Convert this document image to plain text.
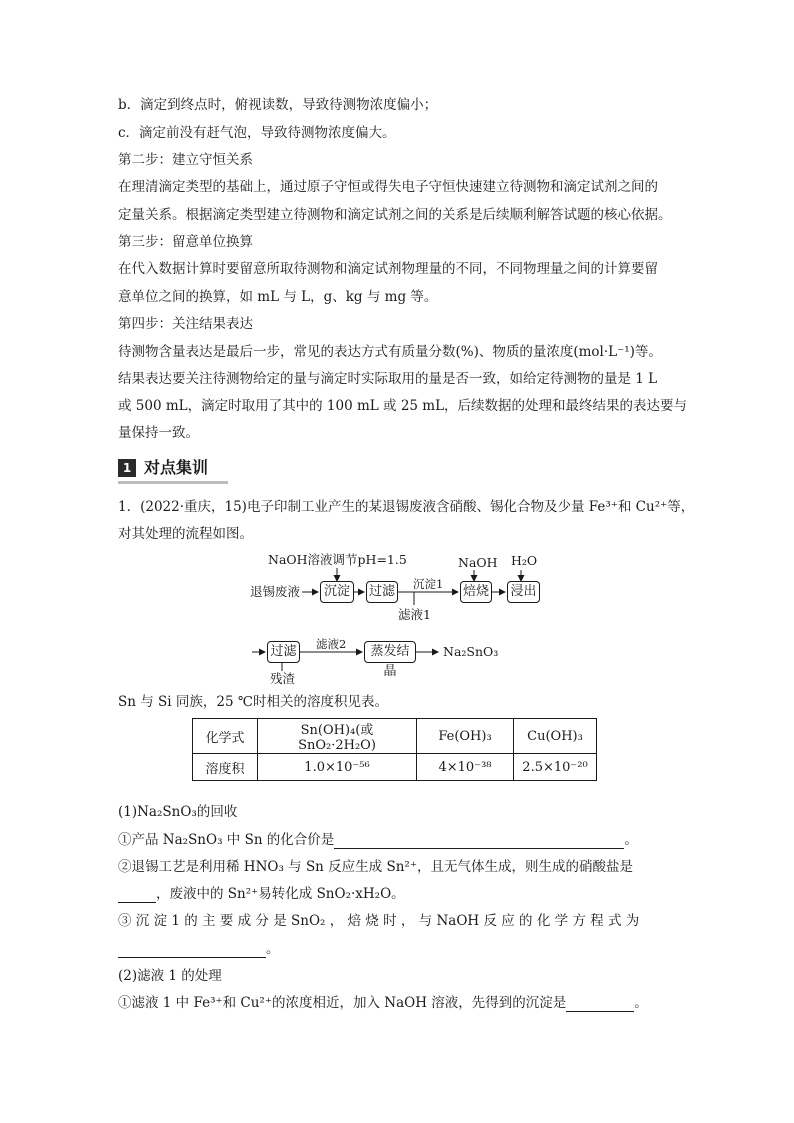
b．滴定到终点时，俯视读数，导致待测物浓度偏小；
c．滴定前没有赶气泡，导致待测物浓度偏大。
第二步：建立守恒关系
在理清滴定类型的基础上，通过原子守恒或得失电子守恒快速建立待测物和滴定试剂之间的
定量关系。根据滴定类型建立待测物和滴定试剂之间的关系是后续顺利解答试题的核心依据。
第三步：留意单位换算
在代入数据计算时要留意所取待测物和滴定试剂物理量的不同，不同物理量之间的计算要留
意单位之间的换算，如 mL 与 L，g、kg 与 mg 等。
第四步：关注结果表达
待测物含量表达是最后一步，常见的表达方式有质量分数(%)、物质的量浓度(mol·L⁻¹)等。
结果表达要关注待测物给定的量与滴定时实际取用的量是否一致，如给定待测物的量是 1 L
或 500 mL，滴定时取用了其中的 100 mL 或 25 mL，后续数据的处理和最终结果的表达要与
量保持一致。
1 对点集训
1．(2022·重庆，15)电子印制工业产生的某退锡废液含硝酸、锡化合物及少量 Fe³⁺和 Cu²⁺等，
对其处理的流程如图。
NaOH溶液调节pH=1.5
退锡废液	沉淀	过滤 沉淀1
滤液1
NaOH
焙烧
H₂O
浸出
过滤	滤液2	蒸发结晶
Na₂SnO₃
残渣
Sn 与 Si 同族，25 ℃时相关的溶度积见表。
化学式	Sn(OH)₄(或 SnO₂·2H₂O)	Fe(OH)₃	Cu(OH)₃
溶度积	1.0×10⁻⁵⁶	4×10⁻³⁸	2.5×10⁻²⁰
(1)Na₂SnO₃的回收
①产品 Na₂SnO₃ 中 Sn 的化合价是	。
②退锡工艺是利用稀 HNO₃ 与 Sn 反应生成 Sn²⁺，且无气体生成，则生成的硝酸盐是
，废液中的 Sn²⁺易转化成 SnO₂·xH₂O。
③ 沉 淀 1 的 主 要 成 分 是 SnO₂ ， 焙 烧 时 ， 与 NaOH 反 应 的 化 学 方 程 式 为
。
(2)滤液 1 的处理
①滤液 1 中 Fe³⁺和 Cu²⁺的浓度相近，加入 NaOH 溶液，先得到的沉淀是	。
